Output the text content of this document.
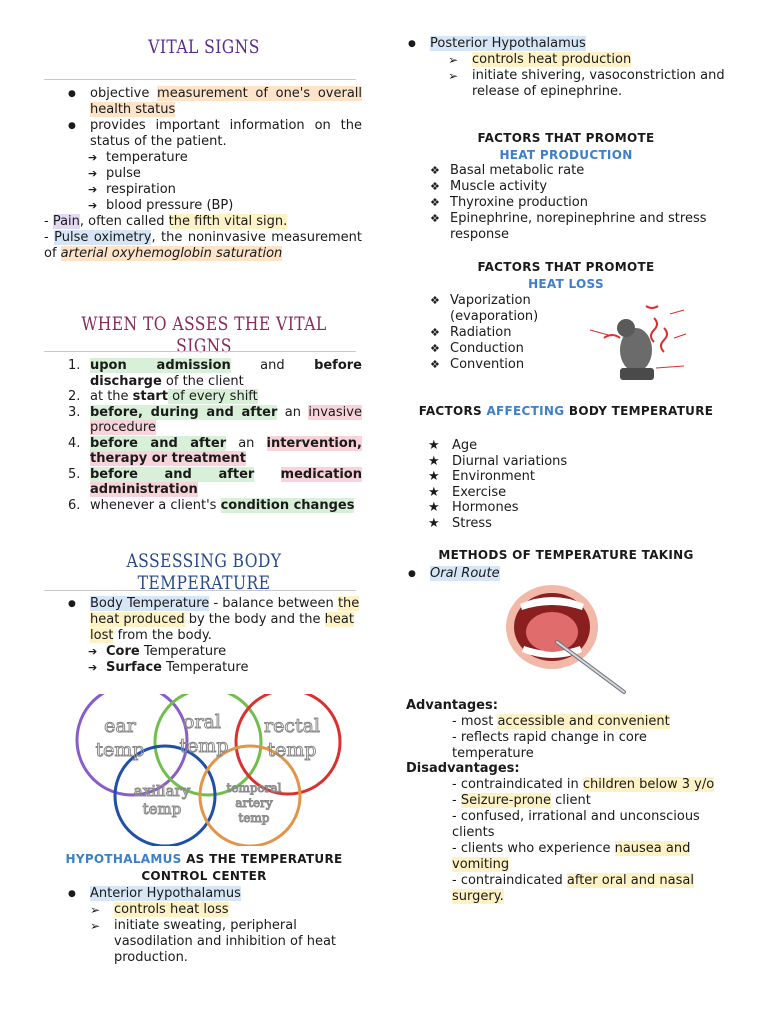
VITAL SIGNS
● objective measurement of one's overall health status
● provides important information on the status of the patient.
➔ temperature
➔ pulse
➔ respiration
➔ blood pressure (BP)
- Pain, often called the fifth vital sign.
- Pulse oximetry, the noninvasive measurement of arterial oxyhemoglobin saturation
WHEN TO ASSES THE VITAL SIGNS
1. upon admission and before discharge of the client
2. at the start of every shift
3. before, during and after an invasive procedure
4. before and after an intervention, therapy or treatment
5. before and after medication administration
6. whenever a client's condition changes
ASSESSING BODY TEMPERATURE
● Body Temperature - balance between the heat produced by the body and the heat lost from the body.
➔ Core Temperature
➔ Surface Temperature
ear
temp
oral
temp
rectal
temp
axillary
temp
temporal
artery
temp
HYPOTHALAMUS AS THE TEMPERATURE CONTROL CENTER
● Anterior Hypothalamus
➢ controls heat loss
➢ initiate sweating, peripheral vasodilation and inhibition of heat production.
● Posterior Hypothalamus
➢ controls heat production
➢ initiate shivering, vasoconstriction and release of epinephrine.
FACTORS THAT PROMOTE
HEAT PRODUCTION
❖ Basal metabolic rate
❖ Muscle activity
❖ Thyroxine production
❖ Epinephrine, norepinephrine and stress response
FACTORS THAT PROMOTE
HEAT LOSS
❖ Vaporization (evaporation)
❖ Radiation
❖ Conduction
❖ Convention
FACTORS AFFECTING BODY TEMPERATURE
★ Age
★ Diurnal variations
★ Environment
★ Exercise
★ Hormones
★ Stress
METHODS OF TEMPERATURE TAKING
● Oral Route
Advantages:
- most accessible and convenient
- reflects rapid change in core temperature
Disadvantages:
- contraindicated in children below 3 y/o
- Seizure-prone client
- confused, irrational and unconscious clients
- clients who experience nausea and vomiting
- contraindicated after oral and nasal surgery.
